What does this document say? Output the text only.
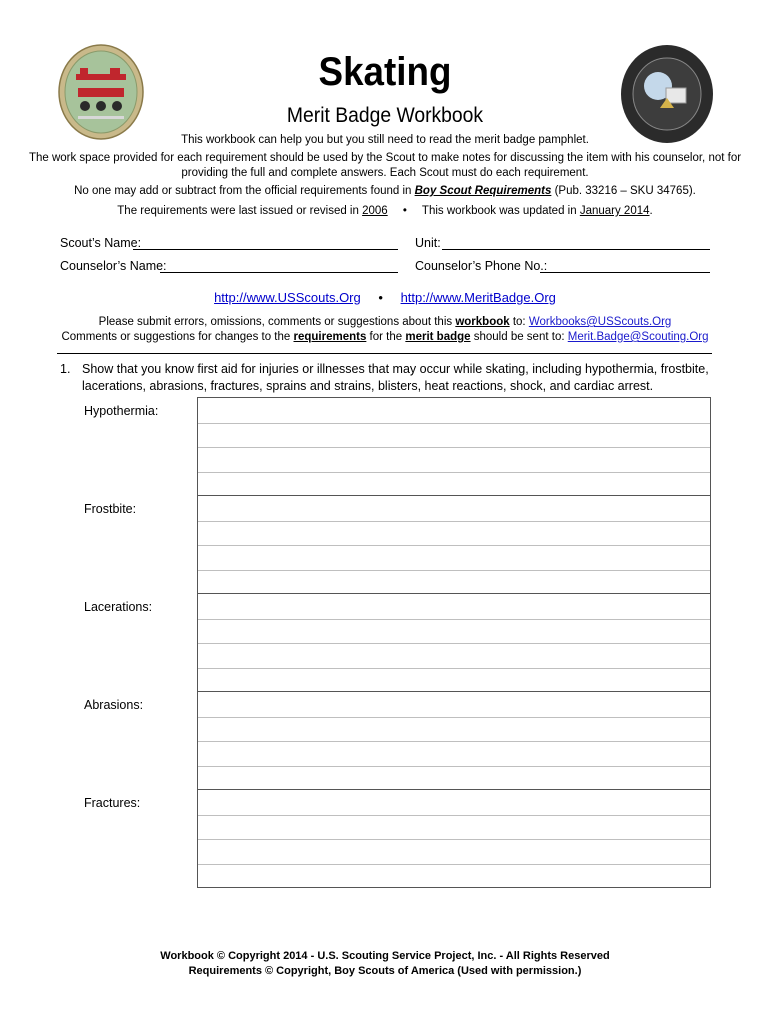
Skating
Merit Badge Workbook
This workbook can help you but you still need to read the merit badge pamphlet.
The work space provided for each requirement should be used by the Scout to make notes for discussing the item with his counselor, not for
providing the full and complete answers. Each Scout must do each requirement.
No one may add or subtract from the official requirements found in Boy Scout Requirements (Pub. 33216 – SKU 34765).
The requirements were last issued or revised in 2006 • This workbook was updated in January 2014.
Scout’s Name:	Unit:
Counselor’s Name:	Counselor’s Phone No.:
http://www.USScouts.Org • http://www.MeritBadge.Org
Please submit errors, omissions, comments or suggestions about this workbook to: Workbooks@USScouts.Org
Comments or suggestions for changes to the requirements for the merit badge should be sent to: Merit.Badge@Scouting.Org
1. Show that you know first aid for injuries or illnesses that may occur while skating, including hypothermia, frostbite, lacerations, abrasions, fractures, sprains and strains, blisters, heat reactions, shock, and cardiac arrest.
Hypothermia:
Frostbite:
Lacerations:
Abrasions:
Fractures:
Workbook © Copyright 2014 - U.S. Scouting Service Project, Inc. - All Rights Reserved
Requirements © Copyright, Boy Scouts of America (Used with permission.)
